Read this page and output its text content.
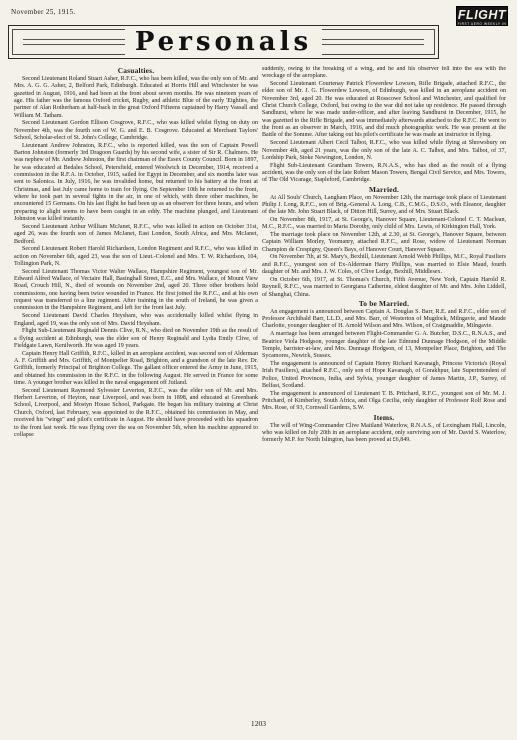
November 25, 1915.	FLIGHT
FIRST AERO WEEKLY IN THE WORLD
Personals
Casualties.

Second Lieutenant Roland Stuart Asher, R.F.C., who has been killed, was the only son of Mr. and Mrs. A. G. G. Asher, 2, Belford Park, Edinburgh. Educated at Horris Hill and Winchester he was gazetted in August, 1916, and had been at the front about seven months. He was nineteen years of age. His father was the famous Oxford cricket, Rugby, and athletic Blue of the early 'Eighties, the partner of Alan Rotherham at half-back in the great Oxford Fifteens captained by Harry Vassall and William M. Tatham.

Second Lieutenant Gordon Ellison Cosgrove, R.F.C., who was killed whilst flying on duty on November 4th, was the fourth son of W. G. and E. B. Cosgrove. Educated at Merchant Taylors' School, Scholar-elect of St. John's College, Cambridge.

Lieutenant Andrew Johnston, R.F.C., who is reported killed, was the son of Captain Powell Barton Johnston (formerly 3rd Dragoon Guards) by his second wife, a sister of Sir R. Chalmers. He was nephew of Mr. Andrew Johnston, the first chairman of the Essex County Council. Born in 1897, he was educated at Bedales School, Petersfield, entered Woolwich in December, 1914, received a commission in the R.F.A. in October, 1915, sailed for Egypt in December, and six months later was sent to Salonica. In July, 1916, he was invalided home, but returned to his battery at the front at Christmas, and last July came home to train for flying. On September 10th he returned to the front, where he took part in several fights in the air, in one of which, with three other machines, he encountered 15 Germans. On his last flight he had been up as an observer for three hours, and when preparing to alight seems to have been caught in an eddy. The machine plunged, and Lieutenant Johnston was killed instantly.

Second Lieutenant Arthur William McJanet, R.F.C., who was killed in action on October 31st, aged 26, was the fourth son of James McJanet, East London, South Africa, and Mrs. McJanet, Bedford.

Second Lieutenant Robert Harold Richardson, London Regiment and R.F.C., who was killed in action on November 6th, aged 23, was the son of Lieut.-Colonel and Mrs. T. W. Richardson, 104, Tollington Park, N.

Second Lieutenant Thomas Victor Walter Wallace, Hampshire Regiment, youngest son of Mr. Edward Alfred Wallace, of Vectaire Hall, Basinghall Street, E.C., and Mrs. Wallace, of Mount View Road, Crouch Hill, N., died of wounds on November 2nd, aged 20. Three other brothers hold commissions, one having been twice wounded in France. He first joined the R.F.C., and at his own request was transferred to a line regiment. After training in the south of Ireland, he was given a commission in the Hampshire Regiment, and left for the front last July.

Second Lieutenant David Charles Heysham, who was accidentally killed whilst flying in England, aged 19, was the only son of Mrs. David Heysham.

Flight Sub-Lieutenant Reginald Dennis Clive, R.N., who died on November 19th as the result of a flying accident at Edinburgh, was the elder son of Henry Reginald and Lydia Emily Clive, of Fieldgate Lawn, Kenilworth. He was aged 19 years.

Captain Henry Hall Griffith, R.F.C., killed in an aeroplane accident, was second son of Alderman A. F. Griffith and Mrs. Griffith, of Montpelier Road, Brighton, and a grandson of the late Rev. Dr. Griffith, formerly Principal of Brighton College. The gallant officer entered the Army in June, 1915, and obtained his commission in the R.F.C. in the following August. He served in France for some time. A younger brother was killed in the naval engagement off Jutland.

Second Lieutenant Raymond Sylvester Leverton, R.F.C., was the elder son of Mr. and Mrs. Herbert Leverton, of Heyton, near Liverpool, and was born in 1898, and educated at Greenbank School, Liverpool, and Mostyn House School, Parkgate. He began his military training at Christ Church, Oxford, last February, was appointed to the R.F.C., obtained his commission in May, and received his "wings" and pilot's certificate in August. He should have proceeded with his squadron to the front last week. He was flying over the sea on November 5th, when his machine appeared to collapse

suddenly, owing to the breaking of a wing, and he and his observer fell into the sea with the wreckage of the aeroplane.

Second Lieutenant Courtenay Patrick Flowerdew Lowson, Rifle Brigade, attached R.F.C., the elder son of Mr. J. G. Flowerdew Lowson, of Edinburgh, was killed in an aeroplane accident on November 3rd, aged 20. He was educated at Rosscowe School and Winchester, and qualified for Christ Church College, Oxford, but owing to the war did not take up residence. He passed through Sandhurst, where he was made under-officer, and after leaving Sandhurst in December, 1915, he was gazetted to the Rifle Brigade, and was immediately afterwards attached to the R.F.C. He went to the front as an observer in March, 1916, and did much photographic work. He was present at the Battle of the Somme. After taking out his pilot's certificate he was made an instructor in flying.

Second Lieutenant Albert Cecil Talbot, R.F.C., who was killed while flying at Shrewsbury on November 4th, aged 21 years, was the only son of the late A. C. Talbot, and Mrs. Talbot, of 37, Lordship Park, Stoke Newington, London, N.

Flight Sub-Lieutenant Grantham Towers, R.N.A.S., who has died as the result of a flying accident, was the only son of the late Robert Mason Towers, Bengal Civil Service, and Mrs. Towers, of The Old Vicarage, Stapleford, Cambridge.

Married.

At All Souls' Church, Langham Place, on November 12th, the marriage took place of Lieutenant Philip J. Long, R.F.C., son of Brig.-General A. Long, C.B., C.M.G., D.S.O., with Eleanor, daughter of the late Mr. John Stuart Black, of Ditton Hill, Surrey, and of Mrs. Stuart Black.

On November 8th, 1917, at St. George's, Hanover Square, Lieutenant-Colonel C. T. Maclean, M.C., R.F.C., was married to Maria Dorothy, only child of Mrs. Lewis, of Kirkington Hall, York.

The marriage took place on November 12th, at 2.30, at St. George's, Hanover Square, between Captain William Morley, Yeomanry, attached R.F.C., and Rose, widow of Lieutenant Norman Champion de Crespigny, Queen's Bays, of Hanover Court, Hanover Square.

On November 7th, at St. Mary's, Bexhill, Lieutenant Arnold Webb Phillips, M.C., Royal Fusiliers and R.F.C., youngest son of Ex-Alderman Harry Phillips, was married to Elsie Maud, fourth daughter of Mr. and Mrs. J. W. Coles, of Clive Lodge, Bexhill, Middlesex.

On October 6th, 1917, at St. Thomas's Church, Fifth Avenue, New York, Captain Harold R. Reynell, R.F.C., was married to Georgiana Catherine, eldest daughter of Mr. and Mrs. John Liddell, of Shanghai, China.

To be Married.

An engagement is announced between Captain A. Douglas S. Barr, R.E. and R.F.C., elder son of Professor Archibald Barr, LL.D., and Mrs. Barr, of Westerton of Mugdock, Milngavie, and Maude Charlotte, younger daughter of H. Arnold Wilson and Mrs. Wilson, of Craigmaddie, Milngavie.

A marriage has been arranged between Flight-Commander G. A. Butcher, D.S.C., R.N.A.S., and Beatrice Viola Hodgson, younger daughter of the late Edmund Dunnage Hodgson, of the Middle Temple, barrister-at-law, and Mrs. Dunnage Hodgson, of 13, Montpelier Place, Brighton, and The Sycamores, Newick, Sussex.

The engagement is announced of Captain Henry Richard Kavanagh, Princess Victoria's (Royal Irish Fusiliers), attached R.F.C., only son of Hope Kavanagh, of Gorakhpur, late Superintendent of Police, United Provinces, India, and Sylvia, younger daughter of James Martin, J.P., Surrey, of Belfast, Scotland.

The engagement is announced of Lieutenant T. B. Pritchard, R.F.C., youngest son of Mr. M. J. Pritchard, of Kimberley, South Africa, and Olga Cecilia, only daughter of Professor Rolf Rose and Mrs. Rose, of 93, Cornwall Gardens, S.W.

Items.

The will of Wing-Commander Clive Maitland Waterlow, R.N.A.S., of Lexingham Hall, Lincoln, who was killed on July 20th in an aeroplane accident, only surviving son of Mr. David S. Waterlow, formerly M.P. for North Islington, has been proved at £6,849.

1203
